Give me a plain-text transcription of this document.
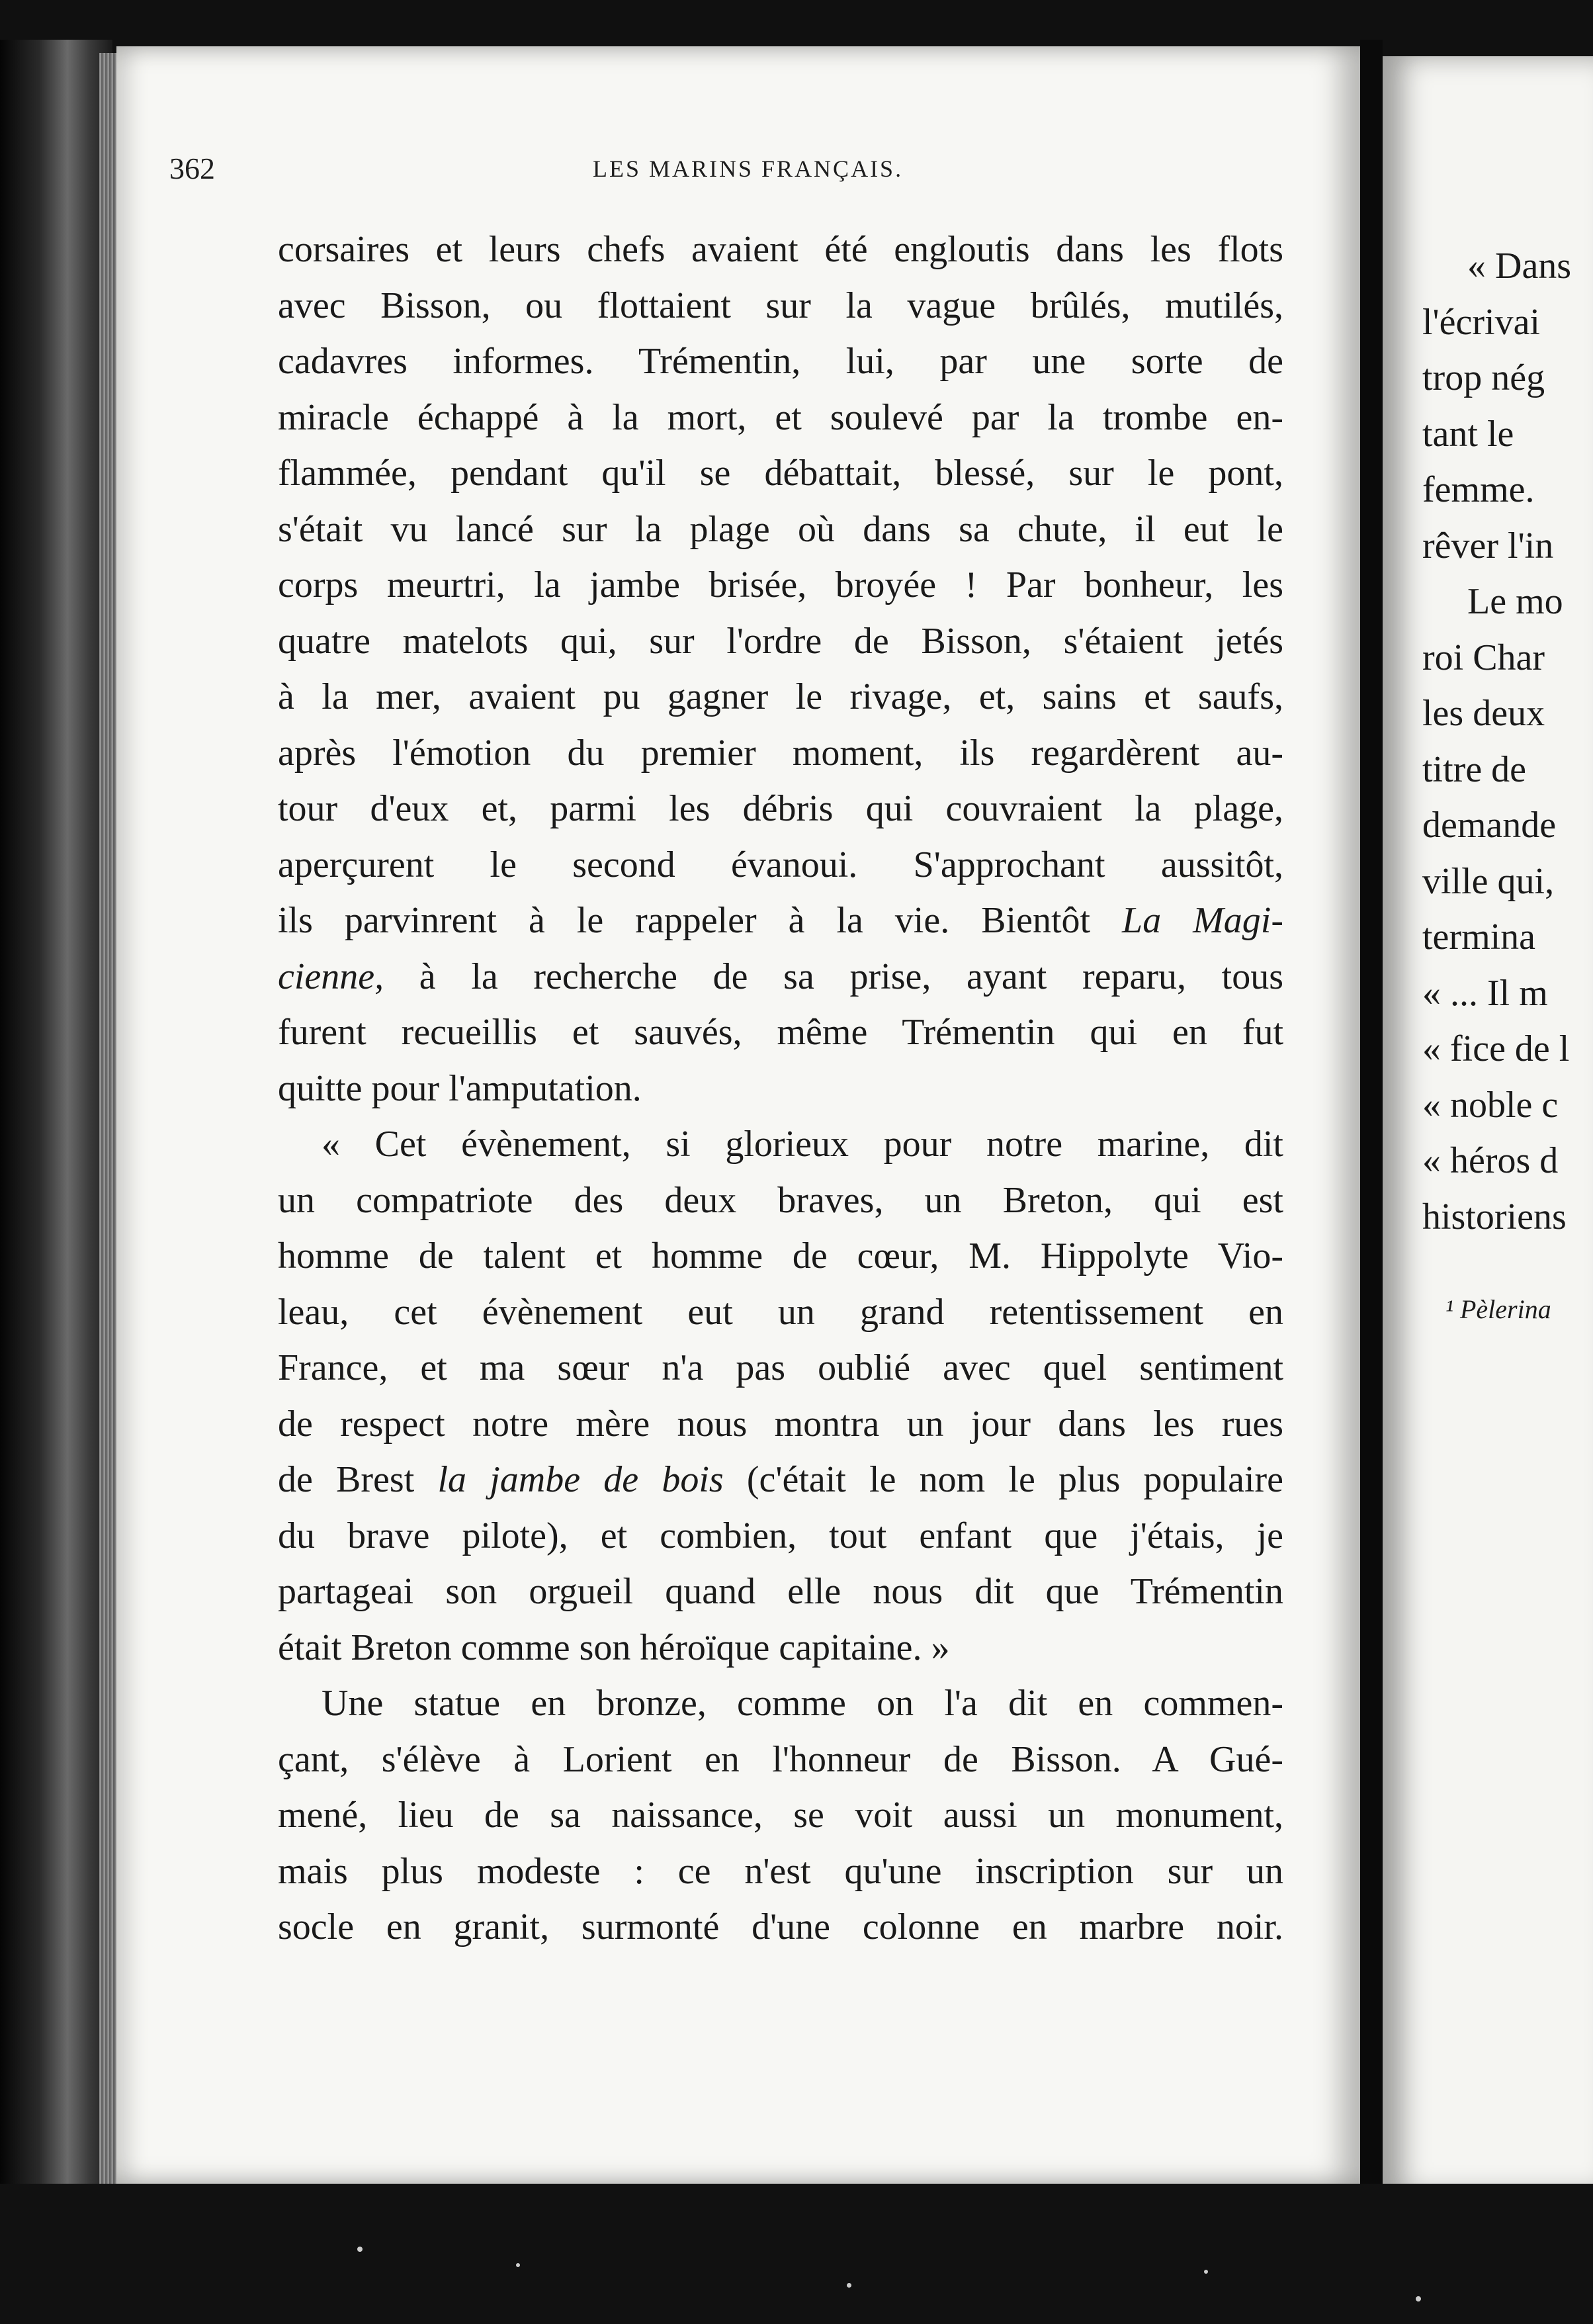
362	LES MARINS FRANÇAIS.
corsaires et leurs chefs avaient été engloutis dans les flots
avec Bisson, ou flottaient sur la vague brûlés, mutilés,
cadavres informes. Trémentin, lui, par une sorte de
miracle échappé à la mort, et soulevé par la trombe en-
flammée, pendant qu'il se débattait, blessé, sur le pont,
s'était vu lancé sur la plage où dans sa chute, il eut le
corps meurtri, la jambe brisée, broyée ! Par bonheur, les
quatre matelots qui, sur l'ordre de Bisson, s'étaient jetés
à la mer, avaient pu gagner le rivage, et, sains et saufs,
après l'émotion du premier moment, ils regardèrent au-
tour d'eux et, parmi les débris qui couvraient la plage,
aperçurent le second évanoui. S'approchant aussitôt,
ils parvinrent à le rappeler à la vie. Bientôt La Magi-
cienne, à la recherche de sa prise, ayant reparu, tous
furent recueillis et sauvés, même Trémentin qui en fut
quitte pour l'amputation.
« Cet évènement, si glorieux pour notre marine, dit
un compatriote des deux braves, un Breton, qui est
homme de talent et homme de cœur, M. Hippolyte Vio-
leau, cet évènement eut un grand retentissement en
France, et ma sœur n'a pas oublié avec quel sentiment
de respect notre mère nous montra un jour dans les rues
de Brest la jambe de bois (c'était le nom le plus populaire
du brave pilote), et combien, tout enfant que j'étais, je
partageai son orgueil quand elle nous dit que Trémentin
était Breton comme son héroïque capitaine. »
Une statue en bronze, comme on l'a dit en commen-
çant, s'élève à Lorient en l'honneur de Bisson. A Gué-
mené, lieu de sa naissance, se voit aussi un monument,
mais plus modeste : ce n'est qu'une inscription sur un
socle en granit, surmonté d'une colonne en marbre noir.
« Dans
l'écrivai
trop nég
tant le
femme.
rêver l'in
Le mo
roi Char
les deux
titre de
demande
ville qui,
termina
« ... Il m
« fice de l
« noble c
« héros d
historiens
¹ Pèlerina
